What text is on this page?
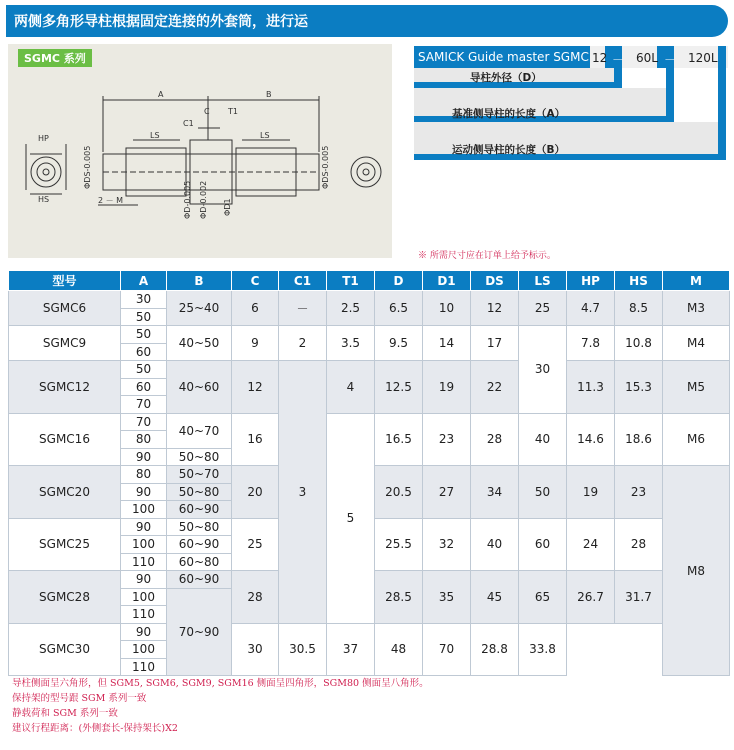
两侧多角形导柱根据固定连接的外套筒，进行运
A	B
C T1
C1
LS	LS
HP
HS	2 － M
ΦDS-0.005	ΦDS-0.005
ΦD-0.005 ΦD-0.002 ΦD1
SGMC 系列	SAMICK Guide master SGMC 12 － 60L － 120L
导柱外径（D）
基准侧导柱的长度（A）
运动侧导柱的长度（B）
※ 所需尺寸应在订单上给予标示。
型号	A	B	C	C1	T1	D	D1	DS	LS	HP	HS	M
SGMC6	30	25~40	6	－	2.5	6.5	10	12	25	4.7	8.5	M3
	50											
SGMC9	50	40~50	9	2	3.5	9.5	14	17	30	7.8	10.8	M4
	60											
SGMC12	50	40~60	12	3	4	12.5	19	22		11.3	15.3	M5
	60											
	70											
SGMC16	70	40~70	16		5	16.5	23	28	40	14.6	18.6	M6
	80											
	90	50~80										
SGMC20	80	50~70	20			20.5	27	34	50	19	23	M8
	90	50~80										
	100	60~90										
SGMC25	90	50~80	25			25.5	32	40	60	24	28	
	100	60~90										
	110	60~80										
SGMC28	90	60~90	28			28.5	35	45	65	26.7	31.7	
	100	70~90										
	110											
SGMC30	90		30	30.5	37	48	70	28.8	33.8			
	100											
	110											
导柱侧面呈六角形，但 SGM5, SGM6, SGM9, SGM16 侧面呈四角形，SGM80 侧面呈八角形。
保持架的型号跟 SGM 系列一致
静载荷和 SGM 系列一致
建议行程距离：(外侧套长-保持架长)X2
